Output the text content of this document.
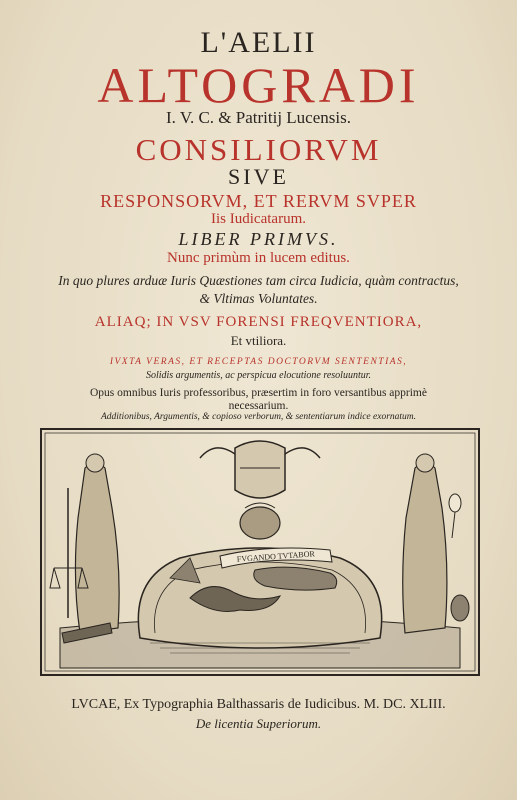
L'AELII
ALTOGRADI
I. V. C. & Patritij Lucensis.
CONSILIORVM
SIVE
RESPONSORVM, ET RERVM SVPER
Iis Iudicatarum.
LIBER PRIMVS.
Nunc primùm in lucem editus.
In quo plures arduæ Iuris Quæstiones tam circa Iudicia, quàm contractus,
& Vltimas Voluntates.
ALIAQ; IN VSV FORENSI FREQVENTIORA,
Et vtiliora.
IVXTA VERAS, ET RECEPTAS DOCTORVM SENTENTIAS,
Solidis argumentis, ac perspicua elocutione resoluuntur.
Opus omnibus Iuris professoribus, præsertim in foro versantibus apprimè
necessarium.
Additionibus, Argumentis, & copioso verborum, & sententiarum indice exornatum.
FVGANDO TVTABOR
LVCAE, Ex Typographia Balthassaris de Iudicibus. M. DC. XLIII.
De licentia Superiorum.
